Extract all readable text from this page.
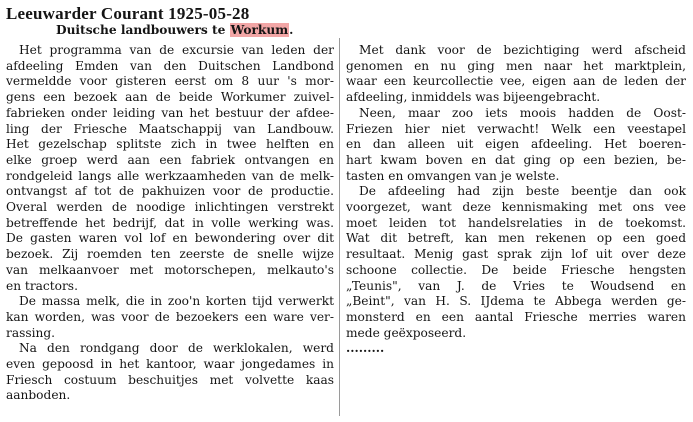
Leeuwarder Courant 1925-05-28
Duitsche landbouwers te Workum.

Het programma van de excursie van leden der

afdeeling Emden van den Duitschen Landbond

vermeldde voor gisteren eerst om 8 uur 's mor-

gens een bezoek aan de beide Workumer zuivel-

fabrieken onder leiding van het bestuur der afdee-

ling der Friesche Maatschappij van Landbouw.

Het gezelschap splitste zich in twee helften en

elke groep werd aan een fabriek ontvangen en

rondgeleid langs alle werkzaamheden van de melk-

ontvangst af tot de pakhuizen voor de productie.

Overal werden de noodige inlichtingen verstrekt

betreffende het bedrijf, dat in volle werking was.

De gasten waren vol lof en bewondering over dit

bezoek. Zij roemden ten zeerste de snelle wijze

van melkaanvoer met motorschepen, melkauto's

en tractors.

De massa melk, die in zoo'n korten tijd verwerkt

kan worden, was voor de bezoekers een ware ver-

rassing.

Na den rondgang door de werklokalen, werd

even gepoosd in het kantoor, waar jongedames in

Friesch costuum beschuitjes met volvette kaas

aanboden.

Met dank voor de bezichtiging werd afscheid

genomen en nu ging men naar het marktplein,

waar een keurcollectie vee, eigen aan de leden der

afdeeling, inmiddels was bijeengebracht.

Neen, maar zoo iets moois hadden de Oost-

Friezen hier niet verwacht! Welk een veestapel

en dan alleen uit eigen afdeeling. Het boeren-

hart kwam boven en dat ging op een bezien, be-

tasten en omvangen van je welste.

De afdeeling had zijn beste beentje dan ook

voorgezet, want deze kennismaking met ons vee

moet leiden tot handelsrelaties in de toekomst.

Wat dit betreft, kan men rekenen op een goed

resultaat. Menig gast sprak zijn lof uit over deze

schoone collectie. De beide Friesche hengsten

„Teunis", van J. de Vries te Woudsend en

„Beint", van H. S. IJdema te Abbega werden ge-

monsterd en een aantal Friesche merries waren

mede geëxposeerd.

.........
